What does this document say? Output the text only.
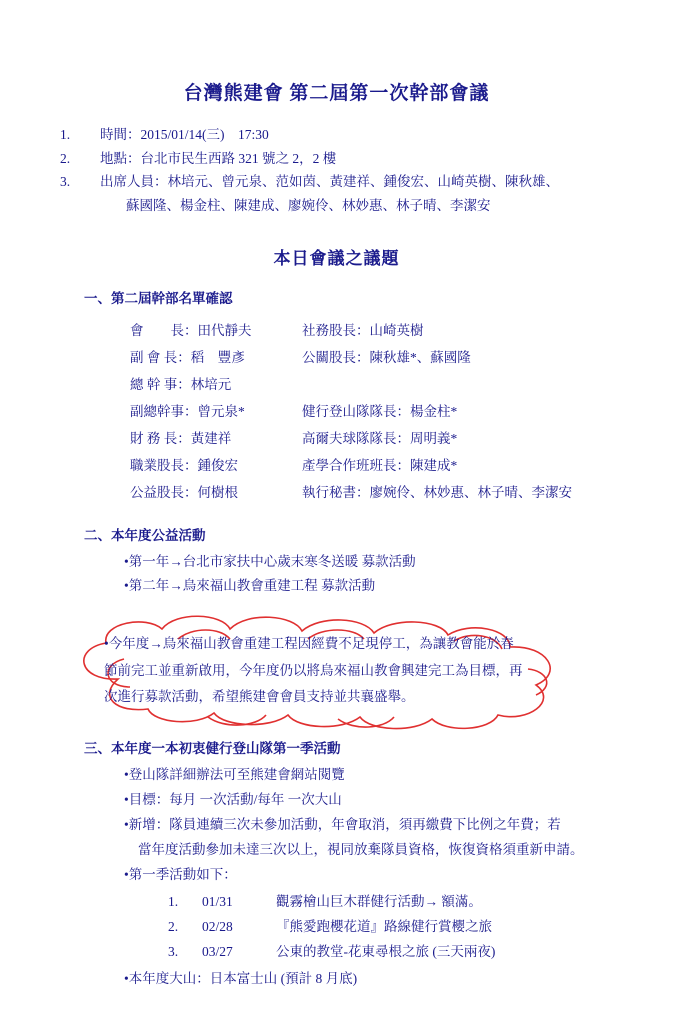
台灣熊建會 第二屆第一次幹部會議
1. 時間：2015/01/14(三)　17:30
2. 地點：台北市民生西路 321 號之 2，2 樓
3. 出席人員：林培元、曾元泉、范如茵、黃建祥、鍾俊宏、山崎英樹、陳秋雄、
蘇國隆、楊金柱、陳建成、廖婉伶、林妙惠、林子晴、李潔安
本日會議之議題
一、第二屆幹部名單確認
會　　長：田代靜夫	社務股長：山崎英樹
副 會 長：稻　豐彥	公關股長：陳秋雄*、蘇國隆
總 幹 事：林培元
副總幹事：曾元泉*	健行登山隊隊長：楊金柱*
財 務 長：黃建祥	高爾夫球隊隊長：周明義*
職業股長：鍾俊宏	產學合作班班長：陳建成*
公益股長：何樹根	執行秘書：廖婉伶、林妙惠、林子晴、李潔安
二、本年度公益活動
•第一年→台北市家扶中心歲末寒冬送暖 募款活動
•第二年→烏來福山教會重建工程 募款活動
•今年度→烏來福山教會重建工程因經費不足現停工，為讓教會能於春
節前完工並重新啟用，今年度仍以將烏來福山教會興建完工為目標，再
次進行募款活動，希望熊建會會員支持並共襄盛舉。
三、本年度一本初衷健行登山隊第一季活動
•登山隊詳細辦法可至熊建會網站閱覽
•目標：每月 一次活動/每年 一次大山
•新增：隊員連續三次未參加活動，年會取消，須再繳費下比例之年費；若
當年度活動參加未達三次以上，視同放棄隊員資格，恢復資格須重新申請。
•第一季活動如下：
1. 01/31	觀霧檜山巨木群健行活動→ 額滿。
2. 02/28	『熊愛跑櫻花道』路線健行賞櫻之旅
3. 03/27	公東的教堂-花東尋根之旅 (三天兩夜)
•本年度大山：日本富士山 (預計 8 月底)
